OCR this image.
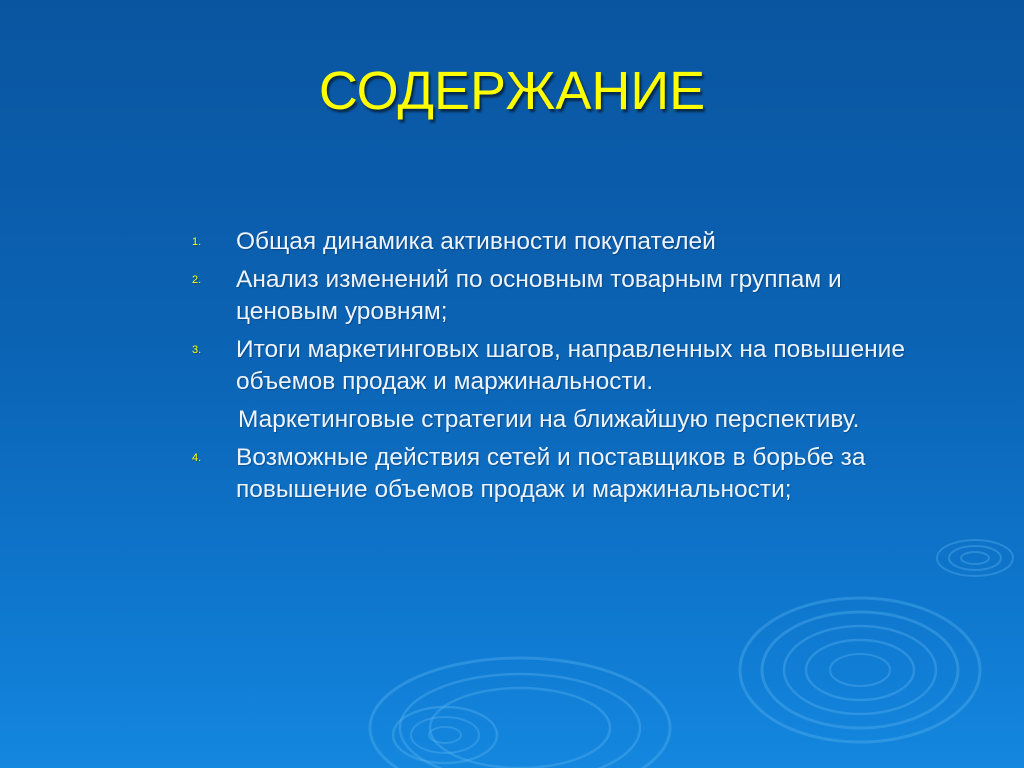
СОДЕРЖАНИЕ
1. Общая динамика активности покупателей
2. Анализ изменений по основным товарным группам и ценовым уровням;
3. Итоги маркетинговых шагов, направленных на повышение объемов продаж и маржинальности.
Маркетинговые стратегии на ближайшую перспективу.
4. Возможные действия сетей и поставщиков в борьбе за повышение объемов продаж и маржинальности;
